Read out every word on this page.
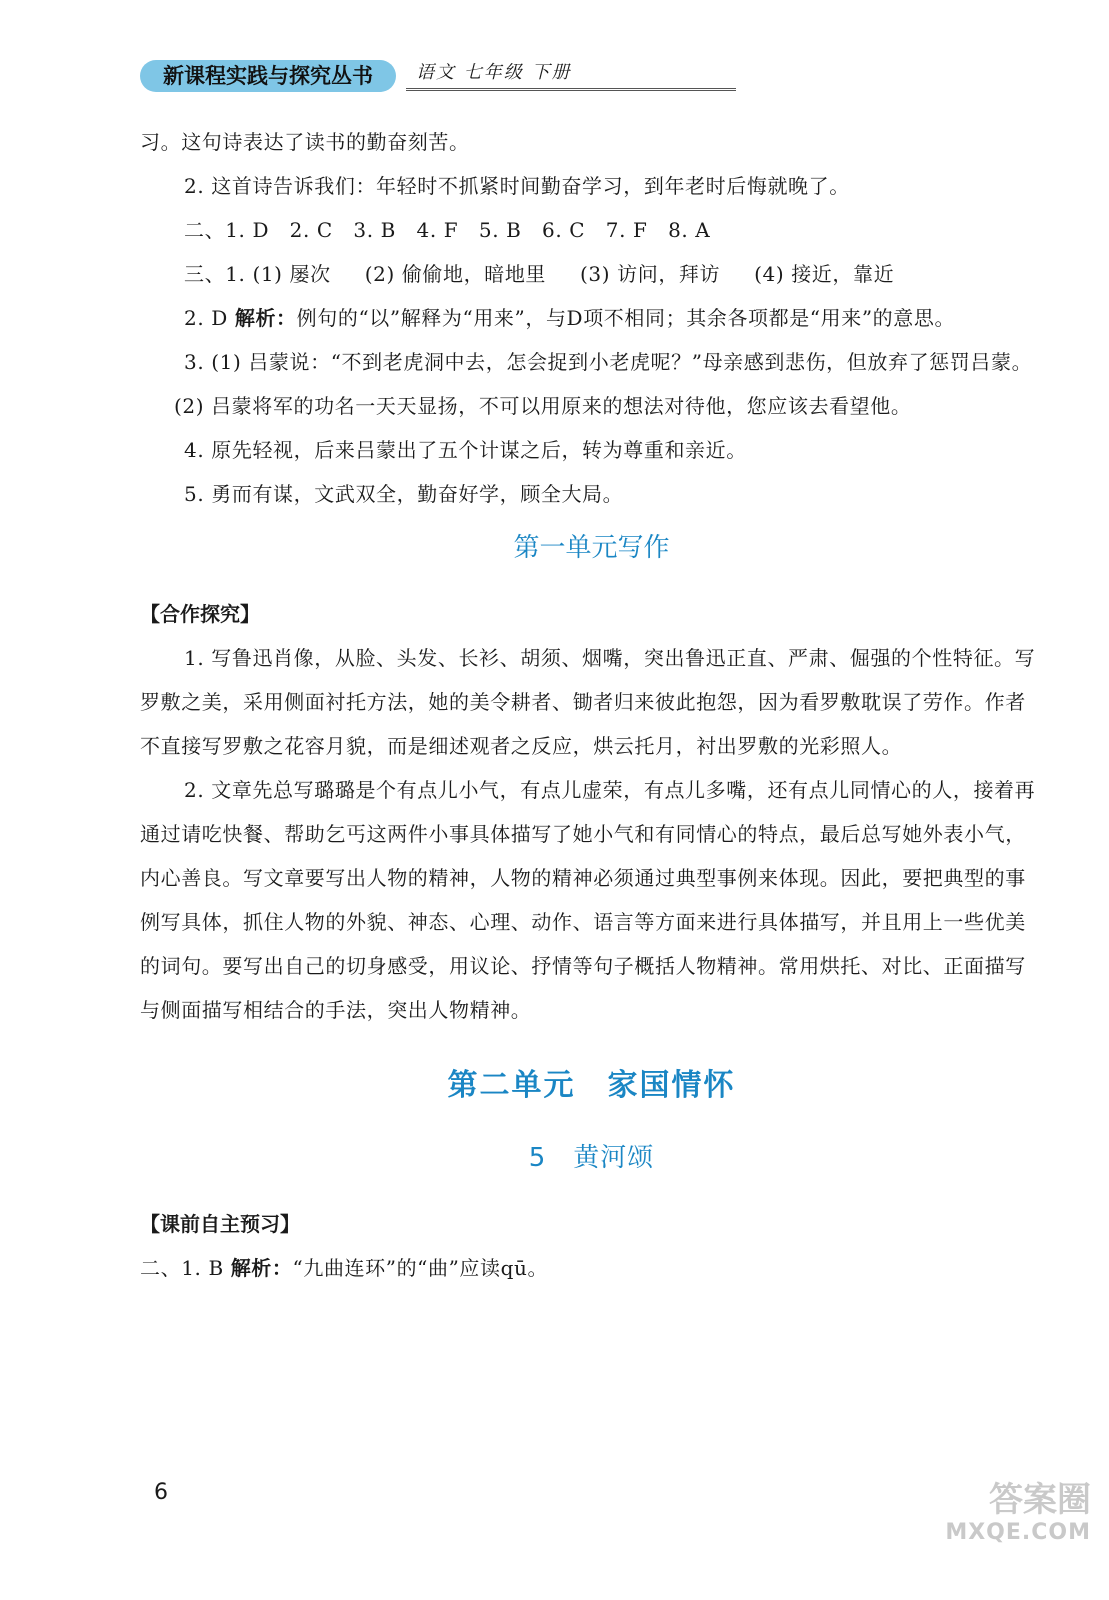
新课程实践与探究丛书	语文 七年级 下册

习。这句诗表达了读书的勤奋刻苦。

2. 这首诗告诉我们：年轻时不抓紧时间勤奋学习，到年老时后悔就晚了。

二、1. D　2. C　3. B　4. F　5. B　6. C　7. F　8. A

三、1. (1) 屡次 (2) 偷偷地，暗地里 (3) 访问，拜访 (4) 接近，靠近

2. D 解析：例句的“以”解释为“用来”，与D项不相同；其余各项都是“用来”的意思。

3. (1) 吕蒙说：“不到老虎洞中去，怎会捉到小老虎呢？”母亲感到悲伤，但放弃了惩罚吕蒙。(2) 吕蒙将军的功名一天天显扬，不可以用原来的想法对待他，您应该去看望他。

4. 原先轻视，后来吕蒙出了五个计谋之后，转为尊重和亲近。

5. 勇而有谋，文武双全，勤奋好学，顾全大局。

第一单元写作
【合作探究】

1. 写鲁迅肖像，从脸、头发、长衫、胡须、烟嘴，突出鲁迅正直、严肃、倔强的个性特征。写罗敷之美，采用侧面衬托方法，她的美令耕者、锄者归来彼此抱怨，因为看罗敷耽误了劳作。作者不直接写罗敷之花容月貌，而是细述观者之反应，烘云托月，衬出罗敷的光彩照人。

2. 文章先总写璐璐是个有点儿小气，有点儿虚荣，有点儿多嘴，还有点儿同情心的人，接着再通过请吃快餐、帮助乞丐这两件小事具体描写了她小气和有同情心的特点，最后总写她外表小气，内心善良。写文章要写出人物的精神，人物的精神必须通过典型事例来体现。因此，要把典型的事例写具体，抓住人物的外貌、神态、心理、动作、语言等方面来进行具体描写，并且用上一些优美的词句。要写出自己的切身感受，用议论、抒情等句子概括人物精神。常用烘托、对比、正面描写与侧面描写相结合的手法，突出人物精神。

第二单元　家国情怀
5　黄河颂
【课前自主预习】

二、1. B 解析：“九曲连环”的“曲”应读qū。

6	答案圈
MXQE.COM
